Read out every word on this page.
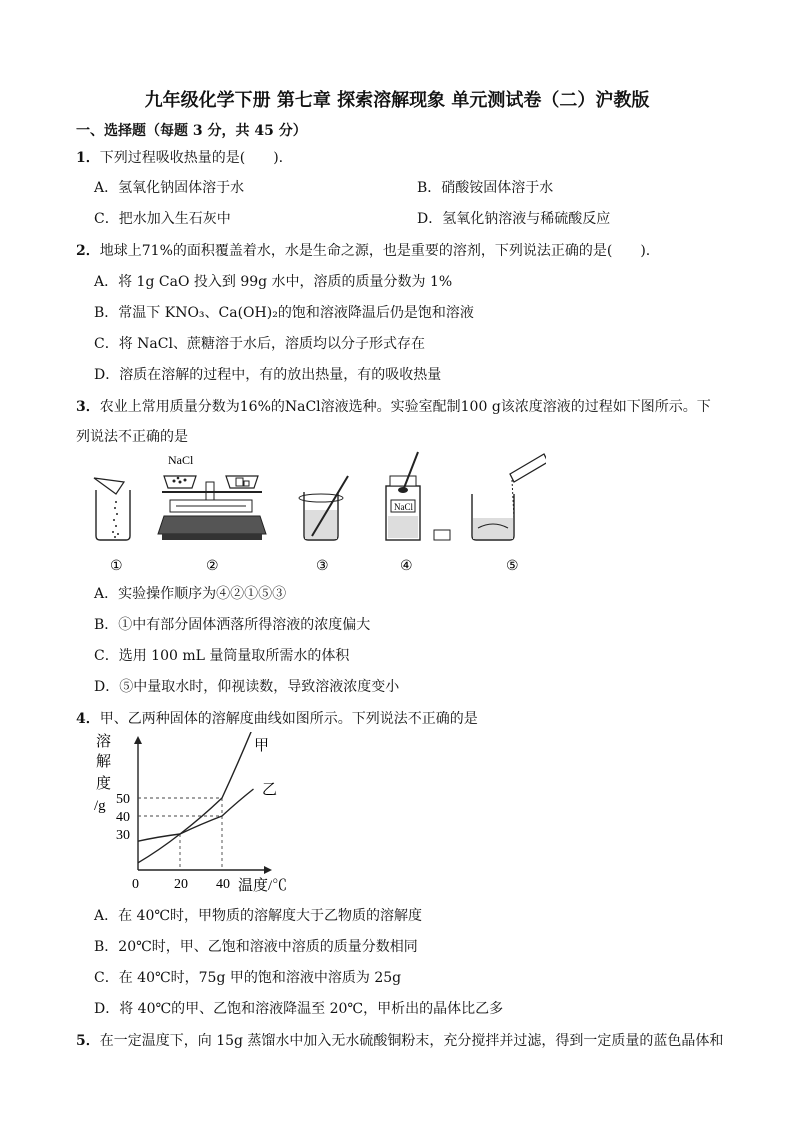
九年级化学下册 第七章 探索溶解现象 单元测试卷（二）沪教版
一、选择题（每题 3 分，共 45 分）
1．下列过程吸收热量的是(　　).
A．氢氧化钠固体溶于水	B．硝酸铵固体溶于水
C．把水加入生石灰中	D．氢氧化钠溶液与稀硫酸反应
2．地球上71%的面积覆盖着水，水是生命之源，也是重要的溶剂，下列说法正确的是(　　).
A．将 1g CaO 投入到 99g 水中，溶质的质量分数为 1%
B．常温下 KNO₃、Ca(OH)₂的饱和溶液降温后仍是饱和溶液
C．将 NaCl、蔗糖溶于水后，溶质均以分子形式存在
D．溶质在溶解的过程中，有的放出热量，有的吸收热量
3．农业上常用质量分数为16%的NaCl溶液选种。实验室配制100 g该浓度溶液的过程如下图所示。下
列说法不正确的是
NaCl
NaCl
①	②	③	④	⑤
A．实验操作顺序为④②①⑤③
B．①中有部分固体洒落所得溶液的浓度偏大
C．选用 100 mL 量筒量取所需水的体积
D．⑤中量取水时，仰视读数，导致溶液浓度变小
4．甲、乙两种固体的溶解度曲线如图所示。下列说法不正确的是
溶
解
度
/g
0	20 40
30
40
50
温度/℃
甲
乙
A．在 40℃时，甲物质的溶解度大于乙物质的溶解度
B．20℃时，甲、乙饱和溶液中溶质的质量分数相同
C．在 40℃时，75g 甲的饱和溶液中溶质为 25g
D．将 40℃的甲、乙饱和溶液降温至 20℃，甲析出的晶体比乙多
5．在一定温度下，向 15g 蒸馏水中加入无水硫酸铜粉末，充分搅拌并过滤，得到一定质量的蓝色晶体和
